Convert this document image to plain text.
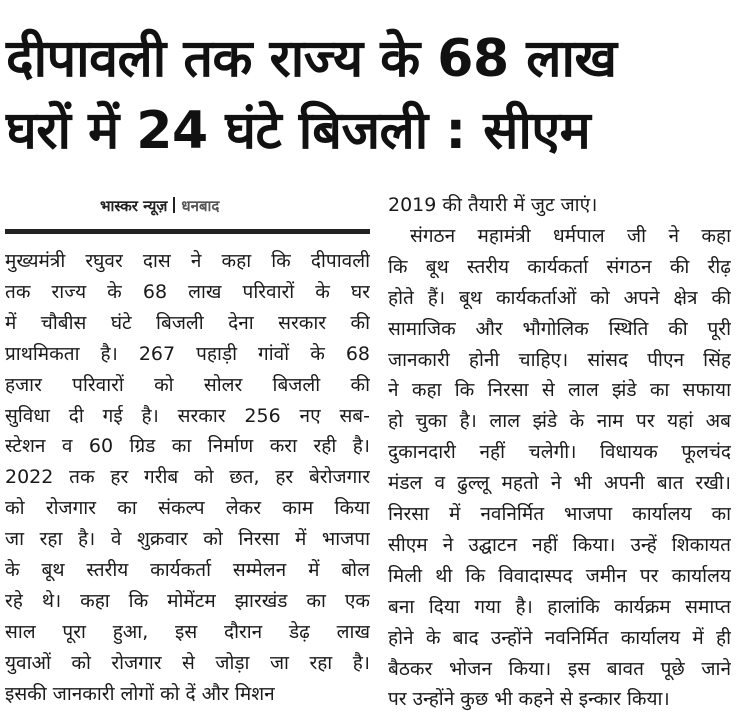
दीपावली तक राज्य के 68 लाख
घरों में 24 घंटे बिजली : सीएम
भास्कर न्यूज़ धनबाद
मुख्यमंत्री रघुवर दास ने कहा कि दीपावली
तक राज्य के 68 लाख परिवारों के घर
में चौबीस घंटे बिजली देना सरकार की
प्राथमिकता है। 267 पहाड़ी गांवों के 68
हजार परिवारों को सोलर बिजली की
सुविधा दी गई है। सरकार 256 नए सब-
स्टेशन व 60 ग्रिड का निर्माण करा रही है।
2022 तक हर गरीब को छत, हर बेरोजगार
को रोजगार का संकल्प लेकर काम किया
जा रहा है। वे शुक्रवार को निरसा में भाजपा
के बूथ स्तरीय कार्यकर्ता सम्मेलन में बोल
रहे थे। कहा कि मोमेंटम झारखंड का एक
साल पूरा हुआ, इस दौरान डेढ़ लाख
युवाओं को रोजगार से जोड़ा जा रहा है।
इसकी जानकारी लोगों को दें और मिशन
2019 की तैयारी में जुट जाएं।
संगठन महामंत्री धर्मपाल जी ने कहा
कि बूथ स्तरीय कार्यकर्ता संगठन की रीढ़
होते हैं। बूथ कार्यकर्ताओं को अपने क्षेत्र की
सामाजिक और भौगोलिक स्थिति की पूरी
जानकारी होनी चाहिए। सांसद पीएन सिंह
ने कहा कि निरसा से लाल झंडे का सफाया
हो चुका है। लाल झंडे के नाम पर यहां अब
दुकानदारी नहीं चलेगी। विधायक फूलचंद
मंडल व ढुल्लू महतो ने भी अपनी बात रखी।
निरसा में नवनिर्मित भाजपा कार्यालय का
सीएम ने उद्घाटन नहीं किया। उन्हें शिकायत
मिली थी कि विवादास्पद जमीन पर कार्यालय
बना दिया गया है। हालांकि कार्यक्रम समाप्त
होने के बाद उन्होंने नवनिर्मित कार्यालय में ही
बैठकर भोजन किया। इस बावत पूछे जाने
पर उन्होंने कुछ भी कहने से इन्कार किया।
